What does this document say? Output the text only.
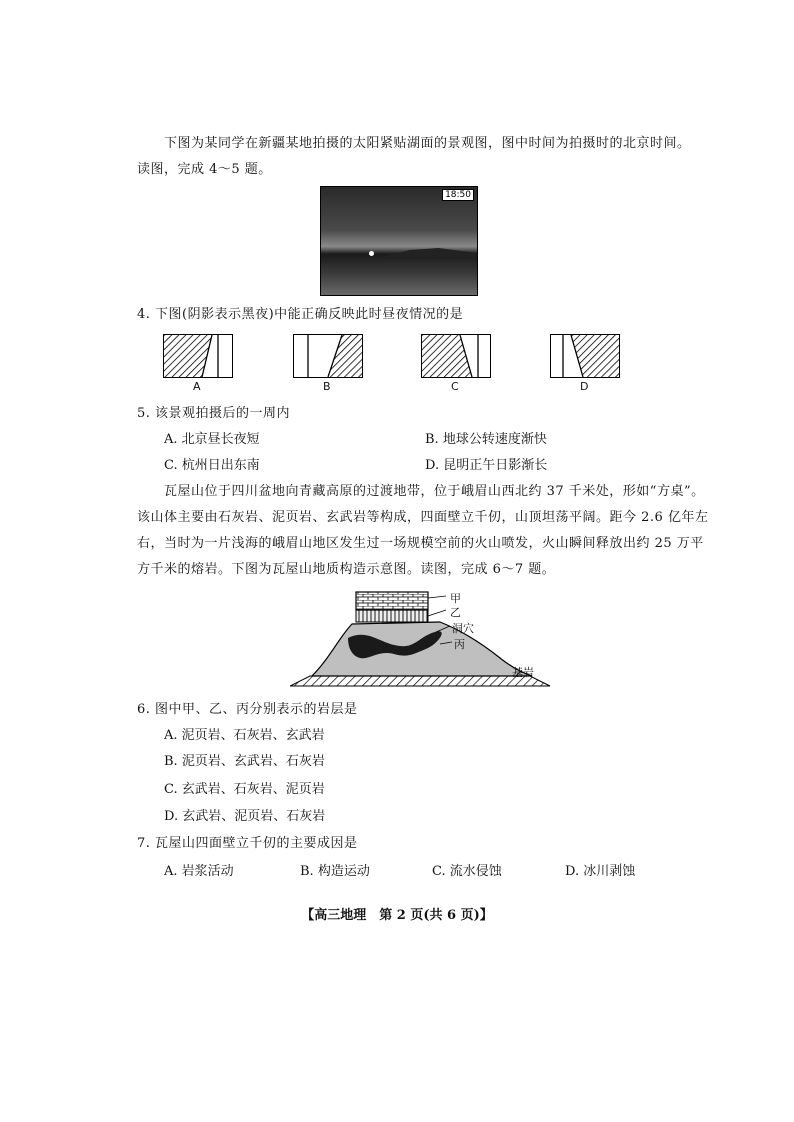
下图为某同学在新疆某地拍摄的太阳紧贴湖面的景观图，图中时间为拍摄时的北京时间。
读图，完成 4～5 题。
18:50
4. 下图(阴影表示黑夜)中能正确反映此时昼夜情况的是
A	B	C	D
5. 该景观拍摄后的一周内
A. 北京昼长夜短	B. 地球公转速度渐快
C. 杭州日出东南	D. 昆明正午日影渐长
瓦屋山位于四川盆地向青藏高原的过渡地带，位于峨眉山西北约 37 千米处，形如“方桌”。
该山体主要由石灰岩、泥页岩、玄武岩等构成，四面壁立千仞，山顶坦荡平阔。距今 2.6 亿年左
右，当时为一片浅海的峨眉山地区发生过一场规模空前的火山喷发，火山瞬间释放出约 25 万平
方千米的熔岩。下图为瓦屋山地质构造示意图。读图，完成 6～7 题。
甲
乙
洞穴
丙
基岩
6. 图中甲、乙、丙分别表示的岩层是
A. 泥页岩、石灰岩、玄武岩
B. 泥页岩、玄武岩、石灰岩
C. 玄武岩、石灰岩、泥页岩
D. 玄武岩、泥页岩、石灰岩
7. 瓦屋山四面壁立千仞的主要成因是
A. 岩浆活动	B. 构造运动	C. 流水侵蚀	D. 冰川剥蚀
【高三地理　第 2 页(共 6 页)】
